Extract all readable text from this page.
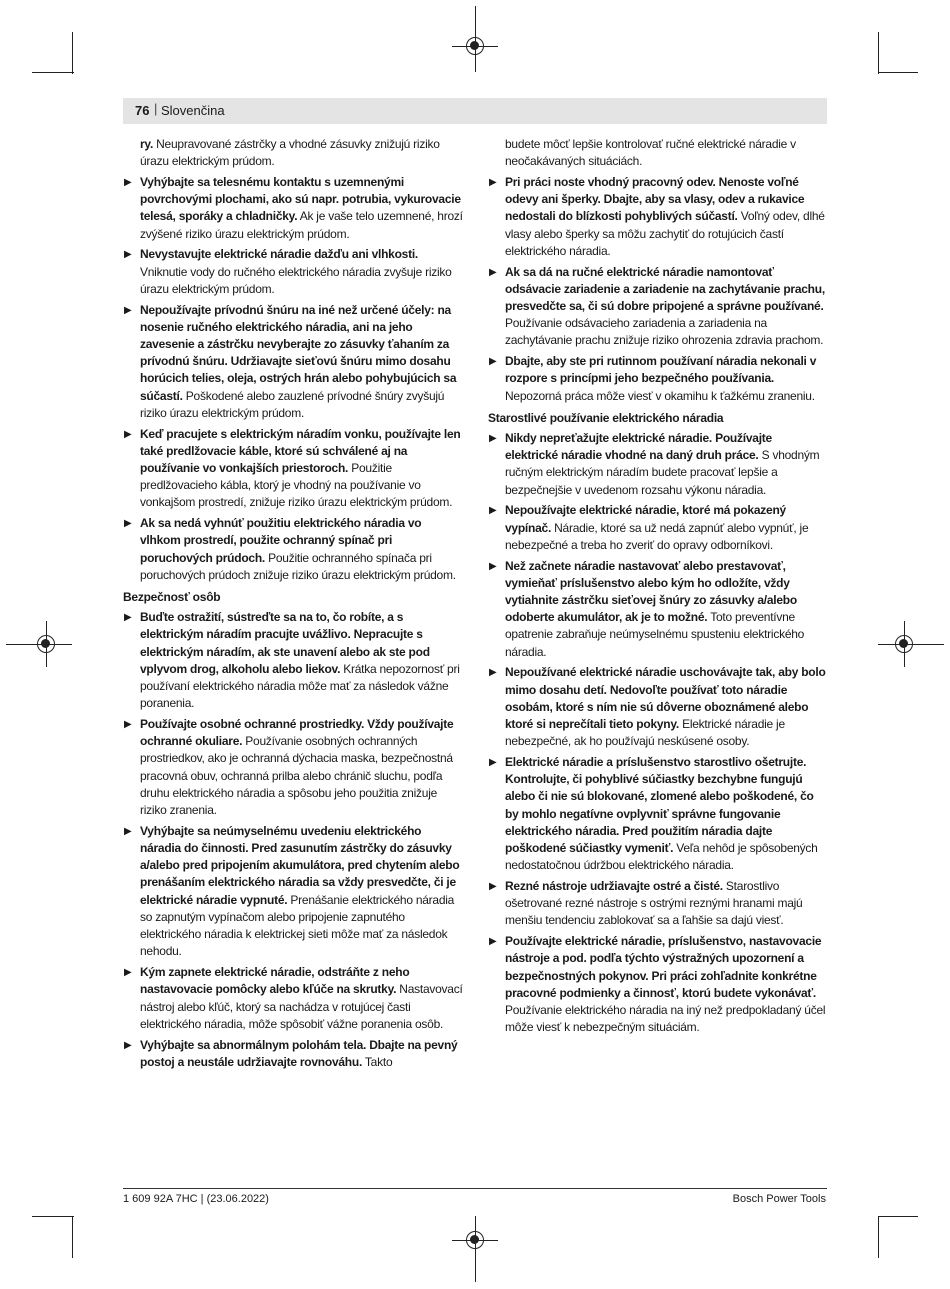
76 | Slovenčina
ry. Neupravované zástrčky a vhodné zásuvky znižujú riziko úrazu elektrickým prúdom.
▶ Vyhýbajte sa telesnému kontaktu s uzemnenými povrchovými plochami, ako sú napr. potrubia, vykurovacie telesá, sporáky a chladničky. Ak je vaše telo uzemnené, hrozí zvýšené riziko úrazu elektrickým prúdom.
▶ Nevystavujte elektrické náradie dažďu ani vlhkosti. Vniknutie vody do ručného elektrického náradia zvyšuje riziko úrazu elektrickým prúdom.
▶ Nepoužívajte prívodnú šnúru na iné než určené účely: na nosenie ručného elektrického náradia, ani na jeho zavesenie a zástrčku nevyberajte zo zásuvky ťahaním za prívodnú šnúru. Udržiavajte sieťovú šnúru mimo dosahu horúcich telies, oleja, ostrých hrán alebo pohybujúcich sa súčastí. Poškodené alebo zauzlené prívodné šnúry zvyšujú riziko úrazu elektrickým prúdom.
▶ Keď pracujete s elektrickým náradím vonku, používajte len také predlžovacie káble, ktoré sú schválené aj na používanie vo vonkajších priestoroch. Použitie predlžovacieho kábla, ktorý je vhodný na používanie vo vonkajšom prostredí, znižuje riziko úrazu elektrickým prúdom.
▶ Ak sa nedá vyhnúť použitiu elektrického náradia vo vlhkom prostredí, použite ochranný spínač pri poruchových prúdoch. Použitie ochranného spínača pri poruchových prúdoch znižuje riziko úrazu elektrickým prúdom.
Bezpečnosť osôb
▶ Buďte ostražití, sústreďte sa na to, čo robíte, a s elektrickým náradím pracujte uvážlivo. Nepracujte s elektrickým náradím, ak ste unavení alebo ak ste pod vplyvom drog, alkoholu alebo liekov. Krátka nepozornosť pri používaní elektrického náradia môže mať za následok vážne poranenia.
▶ Používajte osobné ochranné prostriedky. Vždy používajte ochranné okuliare. Používanie osobných ochranných prostriedkov, ako je ochranná dýchacia maska, bezpečnostná pracovná obuv, ochranná prilba alebo chránič sluchu, podľa druhu elektrického náradia a spôsobu jeho použitia znižuje riziko zranenia.
▶ Vyhýbajte sa neúmyselnému uvedeniu elektrického náradia do činnosti. Pred zasunutím zástrčky do zásuvky a/alebo pred pripojením akumulátora, pred chytením alebo prenášaním elektrického náradia sa vždy presvedčte, či je elektrické náradie vypnuté. Prenášanie elektrického náradia so zapnutým vypínačom alebo pripojenie zapnutého elektrického náradia k elektrickej sieti môže mať za následok nehodu.
▶ Kým zapnete elektrické náradie, odstráňte z neho nastavovacie pomôcky alebo kľúče na skrutky. Nastavovací nástroj alebo kľúč, ktorý sa nachádza v rotujúcej časti elektrického náradia, môže spôsobiť vážne poranenia osôb.
▶ Vyhýbajte sa abnormálnym polohám tela. Dbajte na pevný postoj a neustále udržiavajte rovnováhu. Takto
budete môcť lepšie kontrolovať ručné elektrické náradie v neočakávaných situáciách.
▶ Pri práci noste vhodný pracovný odev. Nenoste voľné odevy ani šperky. Dbajte, aby sa vlasy, odev a rukavice nedostali do blízkosti pohyblivých súčastí. Voľný odev, dlhé vlasy alebo šperky sa môžu zachytiť do rotujúcich častí elektrického náradia.
▶ Ak sa dá na ručné elektrické náradie namontovať odsávacie zariadenie a zariadenie na zachytávanie prachu, presvedčte sa, či sú dobre pripojené a správne používané. Používanie odsávacieho zariadenia a zariadenia na zachytávanie prachu znižuje riziko ohrozenia zdravia prachom.
▶ Dbajte, aby ste pri rutinnom používaní náradia nekonali v rozpore s princípmi jeho bezpečného používania. Nepozorná práca môže viesť v okamihu k ťažkému zraneniu.
Starostlivé používanie elektrického náradia
▶ Nikdy nepreťažujte elektrické náradie. Používajte elektrické náradie vhodné na daný druh práce. S vhodným ručným elektrickým náradím budete pracovať lepšie a bezpečnejšie v uvedenom rozsahu výkonu náradia.
▶ Nepoužívajte elektrické náradie, ktoré má pokazený vypínač. Náradie, ktoré sa už nedá zapnúť alebo vypnúť, je nebezpečné a treba ho zveriť do opravy odborníkovi.
▶ Než začnete náradie nastavovať alebo prestavovať, vymieňať príslušenstvo alebo kým ho odložíte, vždy vytiahnite zástrčku sieťovej šnúry zo zásuvky a/alebo odoberte akumulátor, ak je to možné. Toto preventívne opatrenie zabraňuje neúmyselnému spusteniu elektrického náradia.
▶ Nepoužívané elektrické náradie uschovávajte tak, aby bolo mimo dosahu detí. Nedovoľte používať toto náradie osobám, ktoré s ním nie sú dôverne oboznámené alebo ktoré si neprečítali tieto pokyny. Elektrické náradie je nebezpečné, ak ho používajú neskúsené osoby.
▶ Elektrické náradie a príslušenstvo starostlivo ošetrujte. Kontrolujte, či pohyblivé súčiastky bezchybne fungujú alebo či nie sú blokované, zlomené alebo poškodené, čo by mohlo negatívne ovplyvniť správne fungovanie elektrického náradia. Pred použitím náradia dajte poškodené súčiastky vymeniť. Veľa nehôd je spôsobených nedostatočnou údržbou elektrického náradia.
▶ Rezné nástroje udržiavajte ostré a čisté. Starostlivo ošetrované rezné nástroje s ostrými reznými hranami majú menšiu tendenciu zablokovať sa a ľahšie sa dajú viesť.
▶ Používajte elektrické náradie, príslušenstvo, nastavovacie nástroje a pod. podľa týchto výstražných upozornení a bezpečnostných pokynov. Pri práci zohľadnite konkrétne pracovné podmienky a činnosť, ktorú budete vykonávať. Používanie elektrického náradia na iný než predpokladaný účel môže viesť k nebezpečným situáciám.
1 609 92A 7HC | (23.06.2022)	Bosch Power Tools
